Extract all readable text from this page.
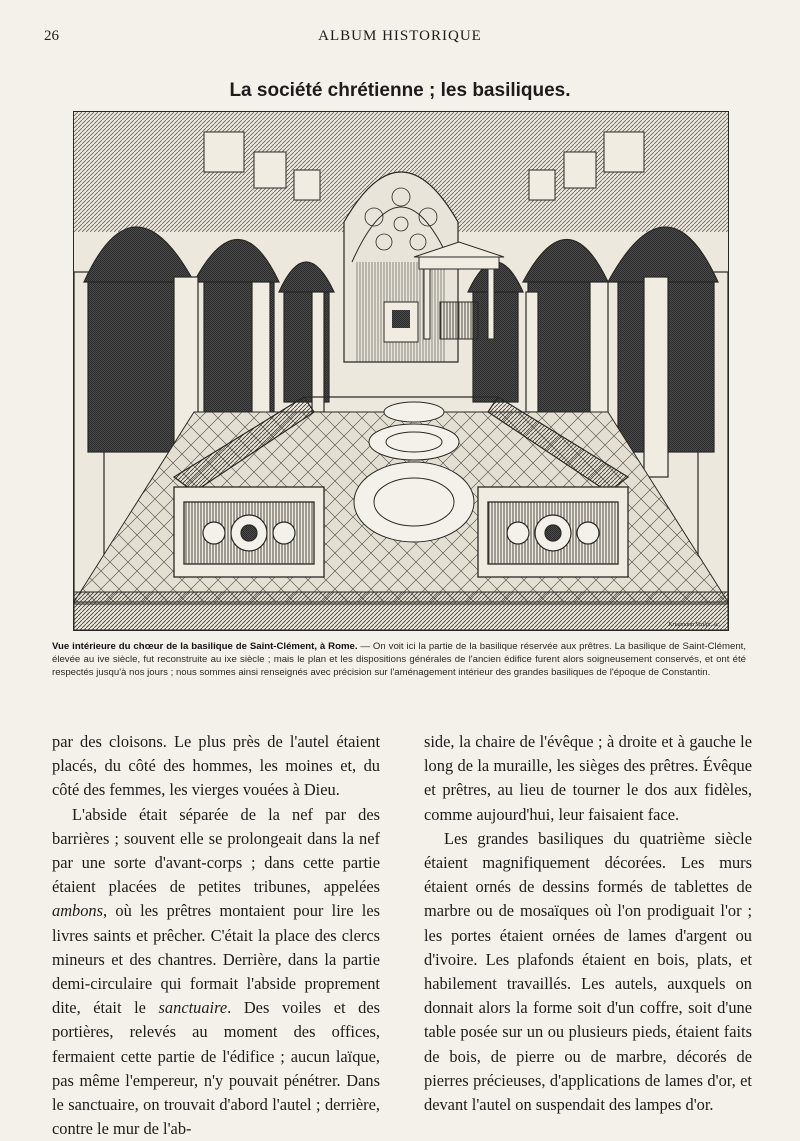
26	ALBUM HISTORIQUE
La société chrétienne ; les basiliques.
Krugmann Sculpt. sc.
Vue intérieure du chœur de la basilique de Saint-Clément, à Rome. — On voit ici la partie de la basilique réservée aux prêtres. La basilique de Saint-Clément, élevée au ive siècle, fut reconstruite au ixe siècle ; mais le plan et les dispositions générales de l'ancien édifice furent alors soigneusement conservés, et ont été respectés jusqu'à nos jours ; nous sommes ainsi renseignés avec précision sur l'aménagement intérieur des grandes basiliques de l'époque de Constantin.

par des cloisons. Le plus près de l'autel étaient placés, du côté des hommes, les moines et, du côté des femmes, les vierges vouées à Dieu.

L'abside était séparée de la nef par des barrières ; souvent elle se prolongeait dans la nef par une sorte d'avant-corps ; dans cette partie étaient placées de petites tribunes, appelées ambons, où les prêtres montaient pour lire les livres saints et prêcher. C'était la place des clercs mineurs et des chantres. Derrière, dans la partie demi-circulaire qui formait l'abside proprement dite, était le sanctuaire. Des voiles et des portières, relevés au moment des offices, fermaient cette partie de l'édifice ; aucun laïque, pas même l'empereur, n'y pouvait pénétrer. Dans le sanctuaire, on trouvait d'abord l'autel ; derrière, contre le mur de l'ab-

side, la chaire de l'évêque ; à droite et à gauche le long de la muraille, les sièges des prêtres. Évêque et prêtres, au lieu de tourner le dos aux fidèles, comme aujourd'hui, leur faisaient face.

Les grandes basiliques du quatrième siècle étaient magnifiquement décorées. Les murs étaient ornés de dessins formés de tablettes de marbre ou de mosaïques où l'on prodiguait l'or ; les portes étaient ornées de lames d'argent ou d'ivoire. Les plafonds étaient en bois, plats, et habilement travaillés. Les autels, auxquels on donnait alors la forme soit d'un coffre, soit d'une table posée sur un ou plusieurs pieds, étaient faits de bois, de pierre ou de marbre, décorés de pierres précieuses, d'applications de lames d'or, et devant l'autel on suspendait des lampes d'or.
